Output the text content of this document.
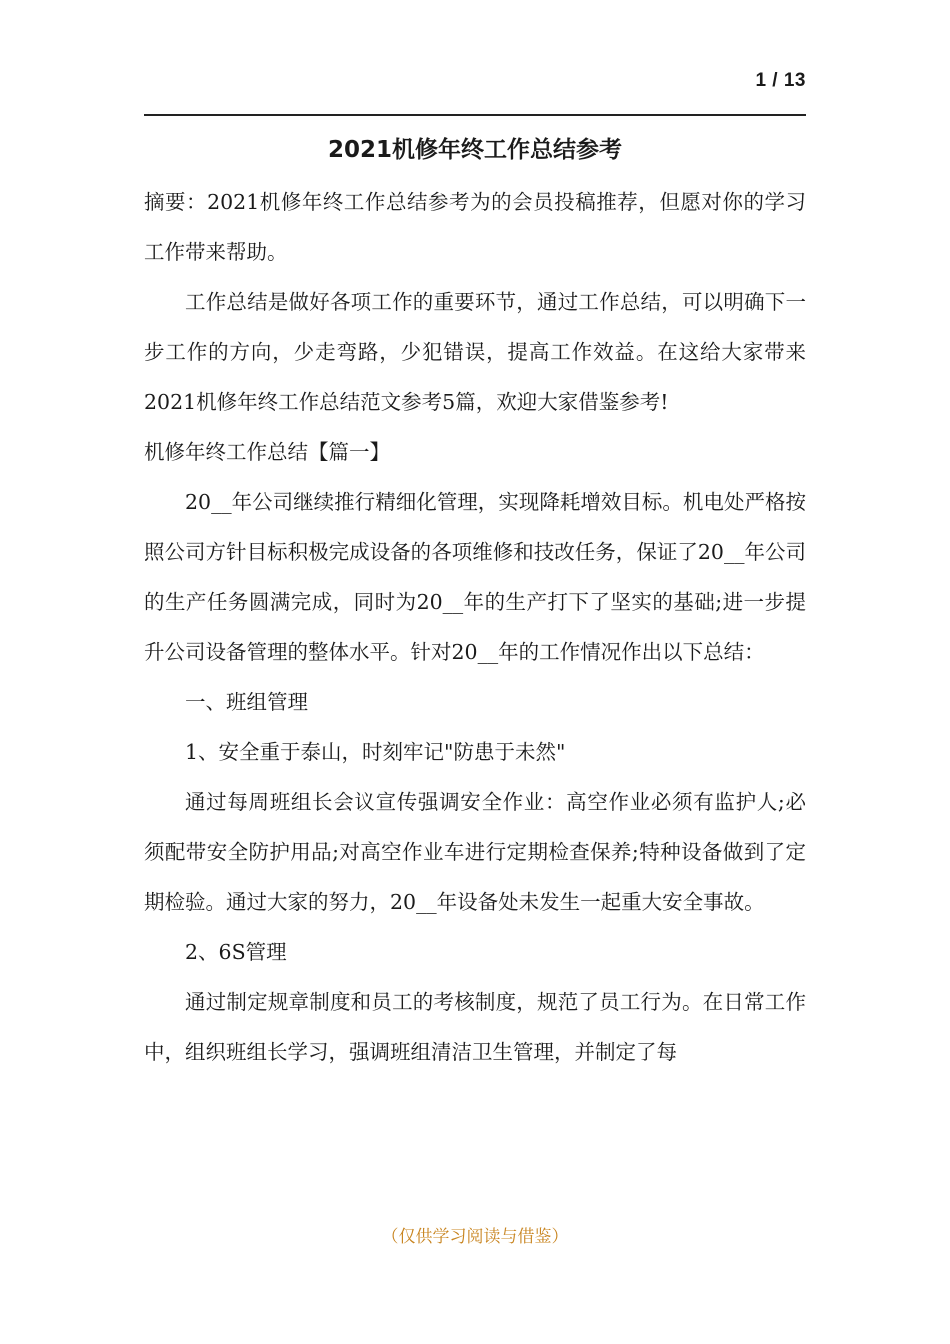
1 / 13
2021机修年终工作总结参考

摘要：2021机修年终工作总结参考为的会员投稿推荐，但愿对你的学习工作带来帮助。

工作总结是做好各项工作的重要环节，通过工作总结，可以明确下一步工作的方向，少走弯路，少犯错误，提高工作效益。在这给大家带来2021机修年终工作总结范文参考5篇，欢迎大家借鉴参考!

机修年终工作总结【篇一】

20__年公司继续推行精细化管理，实现降耗增效目标。机电处严格按照公司方针目标积极完成设备的各项维修和技改任务，保证了20__年公司的生产任务圆满完成，同时为20__年的生产打下了坚实的基础;进一步提升公司设备管理的整体水平。针对20__年的工作情况作出以下总结：

一、班组管理

1、安全重于泰山，时刻牢记"防患于未然"

通过每周班组长会议宣传强调安全作业：高空作业必须有监护人;必须配带安全防护用品;对高空作业车进行定期检查保养;特种设备做到了定期检验。通过大家的努力，20__年设备处未发生一起重大安全事故。

2、6S管理

通过制定规章制度和员工的考核制度，规范了员工行为。在日常工作中，组织班组长学习，强调班组清洁卫生管理，并制定了每

（仅供学习阅读与借鉴）
